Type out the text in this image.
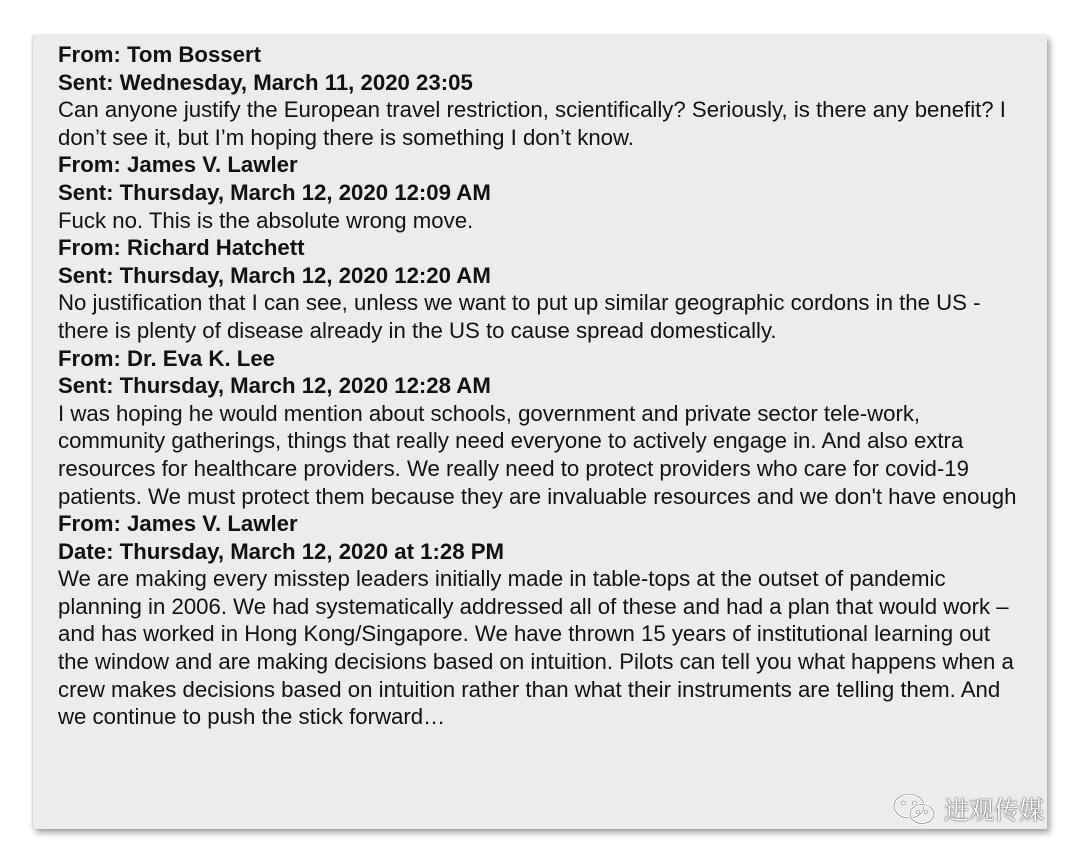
From: Tom Bossert
Sent: Wednesday, March 11, 2020 23:05
Can anyone justify the European travel restriction, scientifically? Seriously, is there any benefit? I don’t see it, but I’m hoping there is something I don’t know.
From: James V. Lawler
Sent: Thursday, March 12, 2020 12:09 AM
Fuck no. This is the absolute wrong move.
From: Richard Hatchett
Sent: Thursday, March 12, 2020 12:20 AM
No justification that I can see, unless we want to put up similar geographic cordons in the US - there is plenty of disease already in the US to cause spread domestically.
From: Dr. Eva K. Lee
Sent: Thursday, March 12, 2020 12:28 AM
I was hoping he would mention about schools, government and private sector tele-work, community gatherings, things that really need everyone to actively engage in. And also extra resources for healthcare providers. We really need to protect providers who care for covid-19 patients. We must protect them because they are invaluable resources and we don't have enough
From: James V. Lawler
Date: Thursday, March 12, 2020 at 1:28 PM
We are making every misstep leaders initially made in table-tops at the outset of pandemic planning in 2006. We had systematically addressed all of these and had a plan that would work – and has worked in Hong Kong/Singapore. We have thrown 15 years of institutional learning out the window and are making decisions based on intuition. Pilots can tell you what happens when a crew makes decisions based on intuition rather than what their instruments are telling them. And we continue to push the stick forward…
进观传媒
